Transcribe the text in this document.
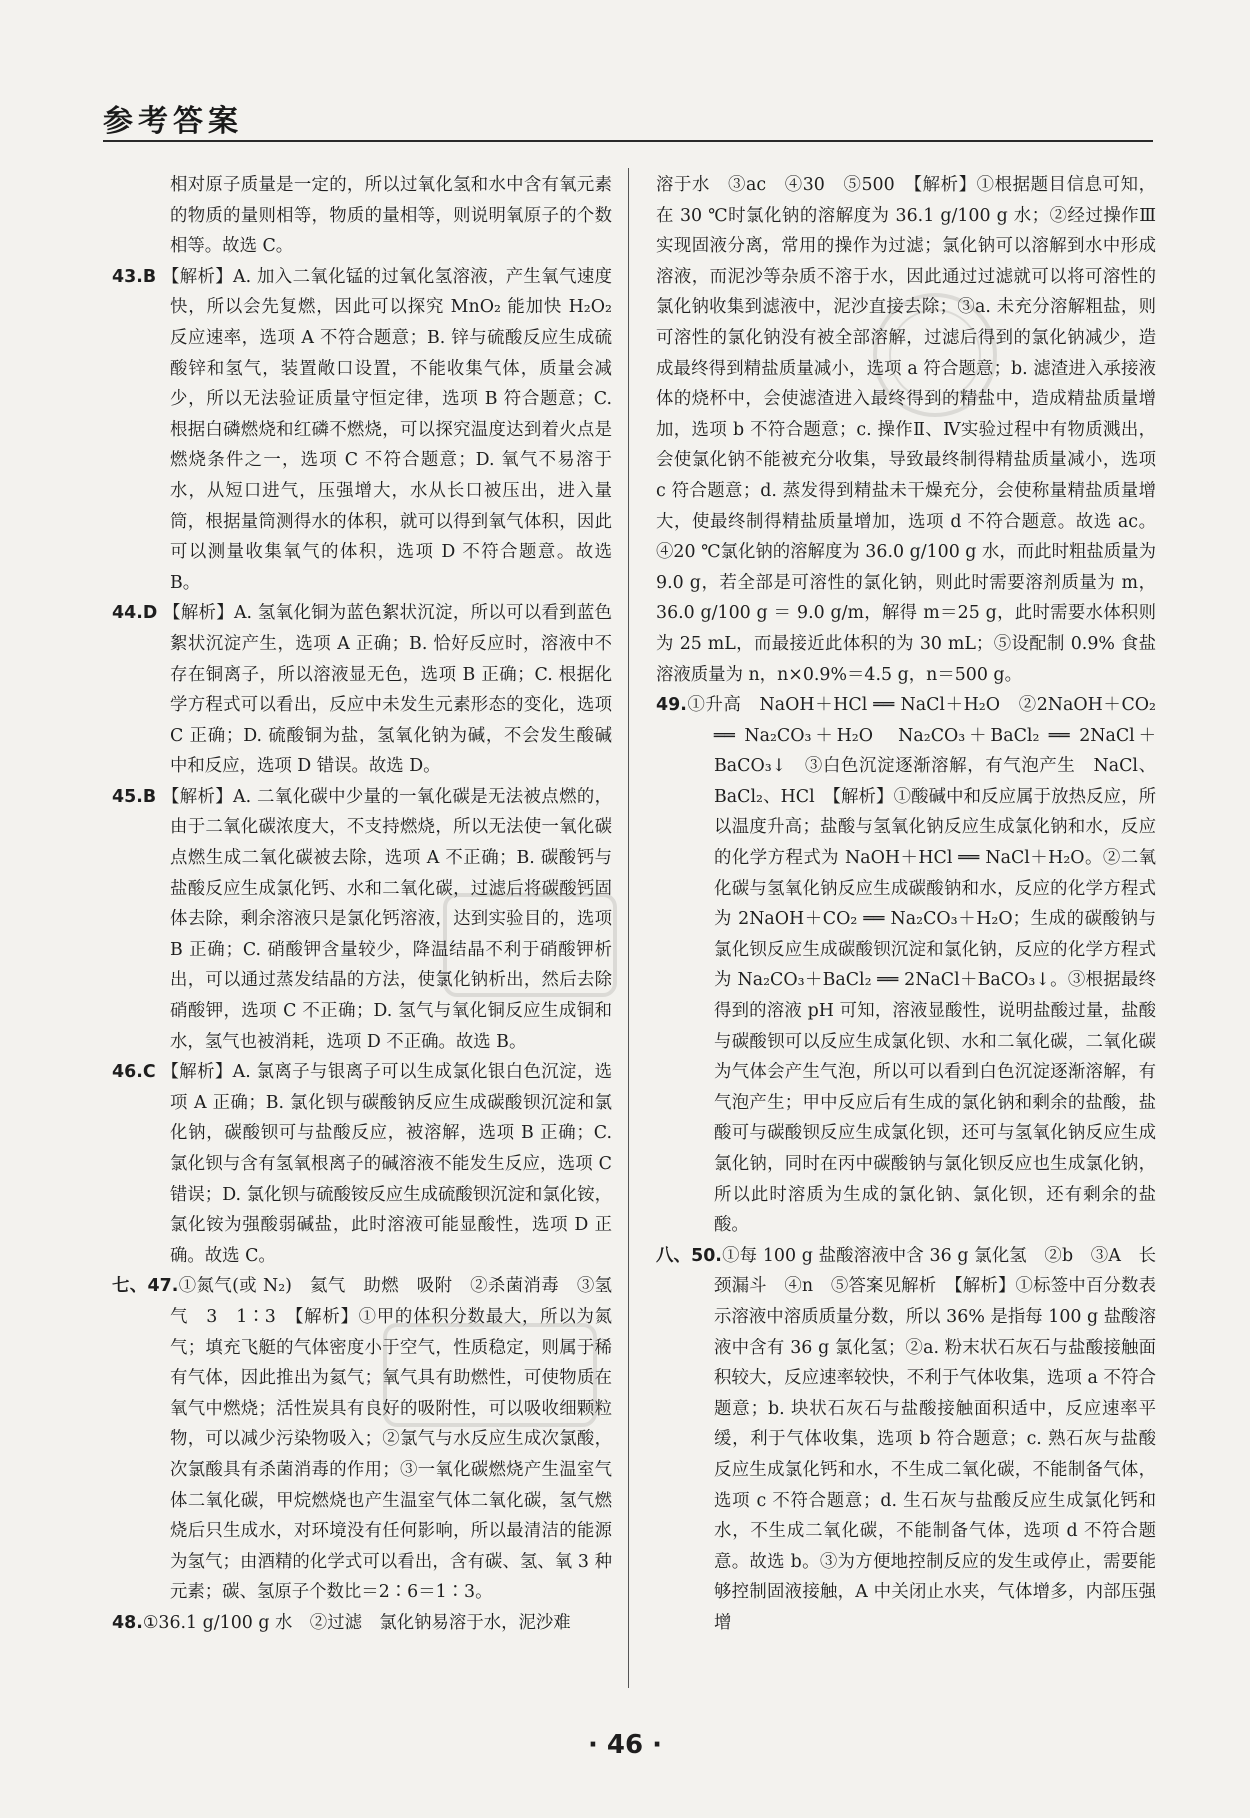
参考答案

相对原子质量是一定的，所以过氧化氢和水中含有氧元素的物质的量则相等，物质的量相等，则说明氧原子的个数相等。故选 C。

43.B 【解析】A. 加入二氧化锰的过氧化氢溶液，产生氧气速度快，所以会先复燃，因此可以探究 MnO₂ 能加快 H₂O₂ 反应速率，选项 A 不符合题意；B. 锌与硫酸反应生成硫酸锌和氢气，装置敞口设置，不能收集气体，质量会减少，所以无法验证质量守恒定律，选项 B 符合题意；C. 根据白磷燃烧和红磷不燃烧，可以探究温度达到着火点是燃烧条件之一，选项 C 不符合题意；D. 氧气不易溶于水，从短口进气，压强增大，水从长口被压出，进入量筒，根据量筒测得水的体积，就可以得到氧气体积，因此可以测量收集氧气的体积，选项 D 不符合题意。故选 B。

44.D 【解析】A. 氢氧化铜为蓝色絮状沉淀，所以可以看到蓝色絮状沉淀产生，选项 A 正确；B. 恰好反应时，溶液中不存在铜离子，所以溶液显无色，选项 B 正确；C. 根据化学方程式可以看出，反应中未发生元素形态的变化，选项 C 正确；D. 硫酸铜为盐，氢氧化钠为碱，不会发生酸碱中和反应，选项 D 错误。故选 D。

45.B 【解析】A. 二氧化碳中少量的一氧化碳是无法被点燃的，由于二氧化碳浓度大，不支持燃烧，所以无法使一氧化碳点燃生成二氧化碳被去除，选项 A 不正确；B. 碳酸钙与盐酸反应生成氯化钙、水和二氧化碳，过滤后将碳酸钙固体去除，剩余溶液只是氯化钙溶液，达到实验目的，选项 B 正确；C. 硝酸钾含量较少，降温结晶不利于硝酸钾析出，可以通过蒸发结晶的方法，使氯化钠析出，然后去除硝酸钾，选项 C 不正确；D. 氢气与氧化铜反应生成铜和水，氢气也被消耗，选项 D 不正确。故选 B。

46.C 【解析】A. 氯离子与银离子可以生成氯化银白色沉淀，选项 A 正确；B. 氯化钡与碳酸钠反应生成碳酸钡沉淀和氯化钠，碳酸钡可与盐酸反应，被溶解，选项 B 正确；C. 氯化钡与含有氢氧根离子的碱溶液不能发生反应，选项 C 错误；D. 氯化钡与硫酸铵反应生成硫酸钡沉淀和氯化铵，氯化铵为强酸弱碱盐，此时溶液可能显酸性，选项 D 正确。故选 C。

七、47.①氮气(或 N₂)　氦气　助燃　吸附　②杀菌消毒　③氢气　3　1∶3　【解析】①甲的体积分数最大，所以为氮气；填充飞艇的气体密度小于空气，性质稳定，则属于稀有气体，因此推出为氦气；氧气具有助燃性，可使物质在氧气中燃烧；活性炭具有良好的吸附性，可以吸收细颗粒物，可以减少污染物吸入；②氯气与水反应生成次氯酸，次氯酸具有杀菌消毒的作用；③一氧化碳燃烧产生温室气体二氧化碳，甲烷燃烧也产生温室气体二氧化碳，氢气燃烧后只生成水，对环境没有任何影响，所以最清洁的能源为氢气；由酒精的化学式可以看出，含有碳、氢、氧 3 种元素；碳、氢原子个数比＝2∶6＝1∶3。

48.①36.1 g/100 g 水　②过滤　氯化钠易溶于水，泥沙难

溶于水　③ac　④30　⑤500　【解析】①根据题目信息可知，在 30 ℃时氯化钠的溶解度为 36.1 g/100 g 水；②经过操作Ⅲ实现固液分离，常用的操作为过滤；氯化钠可以溶解到水中形成溶液，而泥沙等杂质不溶于水，因此通过过滤就可以将可溶性的氯化钠收集到滤液中，泥沙直接去除；③a. 未充分溶解粗盐，则可溶性的氯化钠没有被全部溶解，过滤后得到的氯化钠减少，造成最终得到精盐质量减小，选项 a 符合题意；b. 滤渣进入承接液体的烧杯中，会使滤渣进入最终得到的精盐中，造成精盐质量增加，选项 b 不符合题意；c. 操作Ⅱ、Ⅳ实验过程中有物质溅出，会使氯化钠不能被充分收集，导致最终制得精盐质量减小，选项 c 符合题意；d. 蒸发得到精盐未干燥充分，会使称量精盐质量增大，使最终制得精盐质量增加，选项 d 不符合题意。故选 ac。④20 ℃氯化钠的溶解度为 36.0 g/100 g 水，而此时粗盐质量为 9.0 g，若全部是可溶性的氯化钠，则此时需要溶剂质量为 m，36.0 g/100 g ＝ 9.0 g/m，解得 m＝25 g，此时需要水体积则为 25 mL，而最接近此体积的为 30 mL；⑤设配制 0.9% 食盐溶液质量为 n，n×0.9%＝4.5 g，n＝500 g。

49.①升高　NaOH＋HCl ══ NaCl＋H₂O　②2NaOH＋CO₂ ══ Na₂CO₃＋H₂O　Na₂CO₃＋BaCl₂ ══ 2NaCl＋BaCO₃↓　③白色沉淀逐渐溶解，有气泡产生　NaCl、BaCl₂、HCl　【解析】①酸碱中和反应属于放热反应，所以温度升高；盐酸与氢氧化钠反应生成氯化钠和水，反应的化学方程式为 NaOH＋HCl ══ NaCl＋H₂O。②二氧化碳与氢氧化钠反应生成碳酸钠和水，反应的化学方程式为 2NaOH＋CO₂ ══ Na₂CO₃＋H₂O；生成的碳酸钠与氯化钡反应生成碳酸钡沉淀和氯化钠，反应的化学方程式为 Na₂CO₃＋BaCl₂ ══ 2NaCl＋BaCO₃↓。③根据最终得到的溶液 pH 可知，溶液显酸性，说明盐酸过量，盐酸与碳酸钡可以反应生成氯化钡、水和二氧化碳，二氧化碳为气体会产生气泡，所以可以看到白色沉淀逐渐溶解，有气泡产生；甲中反应后有生成的氯化钠和剩余的盐酸，盐酸可与碳酸钡反应生成氯化钡，还可与氢氧化钠反应生成氯化钠，同时在丙中碳酸钠与氯化钡反应也生成氯化钠，所以此时溶质为生成的氯化钠、氯化钡，还有剩余的盐酸。

八、50.①每 100 g 盐酸溶液中含 36 g 氯化氢　②b　③A　长颈漏斗　④n　⑤答案见解析　【解析】①标签中百分数表示溶液中溶质质量分数，所以 36% 是指每 100 g 盐酸溶液中含有 36 g 氯化氢；②a. 粉末状石灰石与盐酸接触面积较大，反应速率较快，不利于气体收集，选项 a 不符合题意；b. 块状石灰石与盐酸接触面积适中，反应速率平缓，利于气体收集，选项 b 符合题意；c. 熟石灰与盐酸反应生成氯化钙和水，不生成二氧化碳，不能制备气体，选项 c 不符合题意；d. 生石灰与盐酸反应生成氯化钙和水，不生成二氧化碳，不能制备气体，选项 d 不符合题意。故选 b。③为方便地控制反应的发生或停止，需要能够控制固液接触，A 中关闭止水夹，气体增多，内部压强增

· 46 ·
